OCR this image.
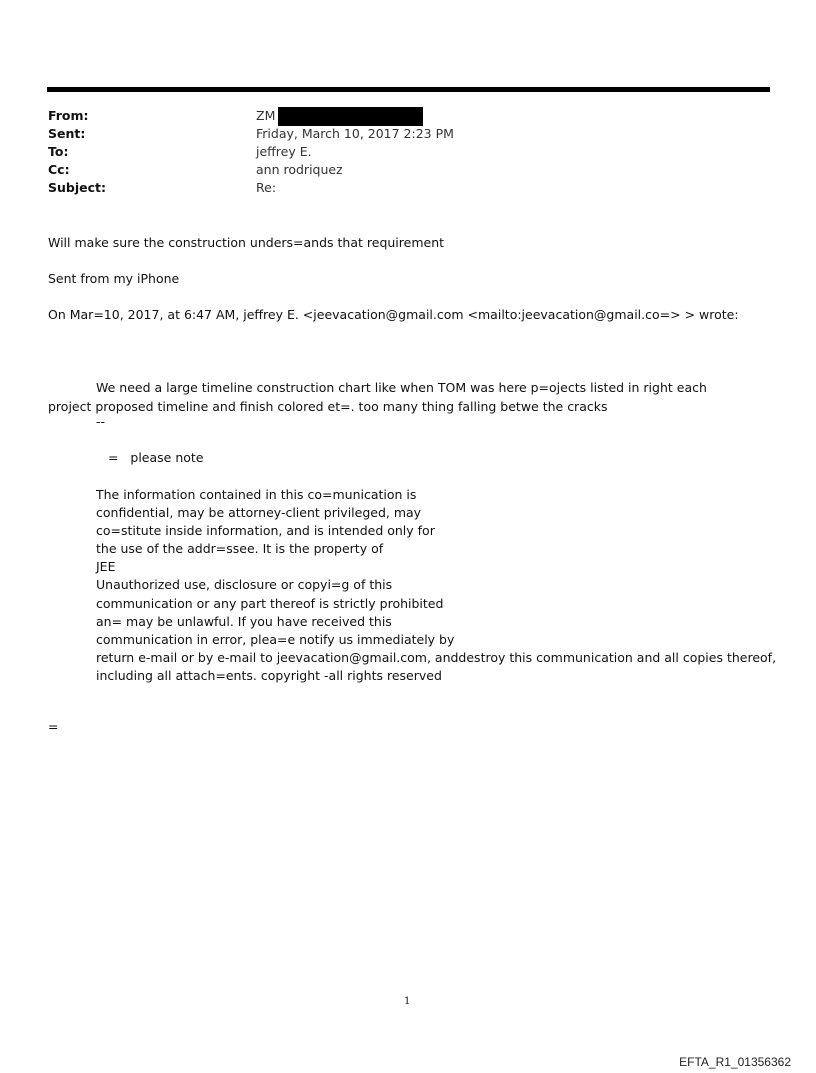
From:	ZM
Sent:	Friday, March 10, 2017 2:23 PM
To:	jeffrey E.
Cc:	ann rodriquez
Subject:	Re:
Will make sure the construction unders=ands that requirement
Sent from my iPhone
On Mar=10, 2017, at 6:47 AM, jeffrey E. <jeevacation@gmail.com <mailto:jeevacation@gmail.co=> > wrote:
We need a large timeline construction chart like when TOM was here p=ojects listed in right each project proposed timeline and finish colored et=. too many thing falling betwe the cracks
--
=   please note
The information contained in this co=munication is
confidential, may be attorney-client privileged, may
co=stitute inside information, and is intended only for
the use of the addr=ssee. It is the property of
JEE
Unauthorized use, disclosure or copyi=g of this
communication or any part thereof is strictly prohibited
an= may be unlawful. If you have received this
communication in error, plea=e notify us immediately by
return e-mail or by e-mail to jeevacation@gmail.com, anddestroy this communication and all copies thereof,
including all attach=ents. copyright -all rights reserved
=
1
EFTA_R1_01356362
